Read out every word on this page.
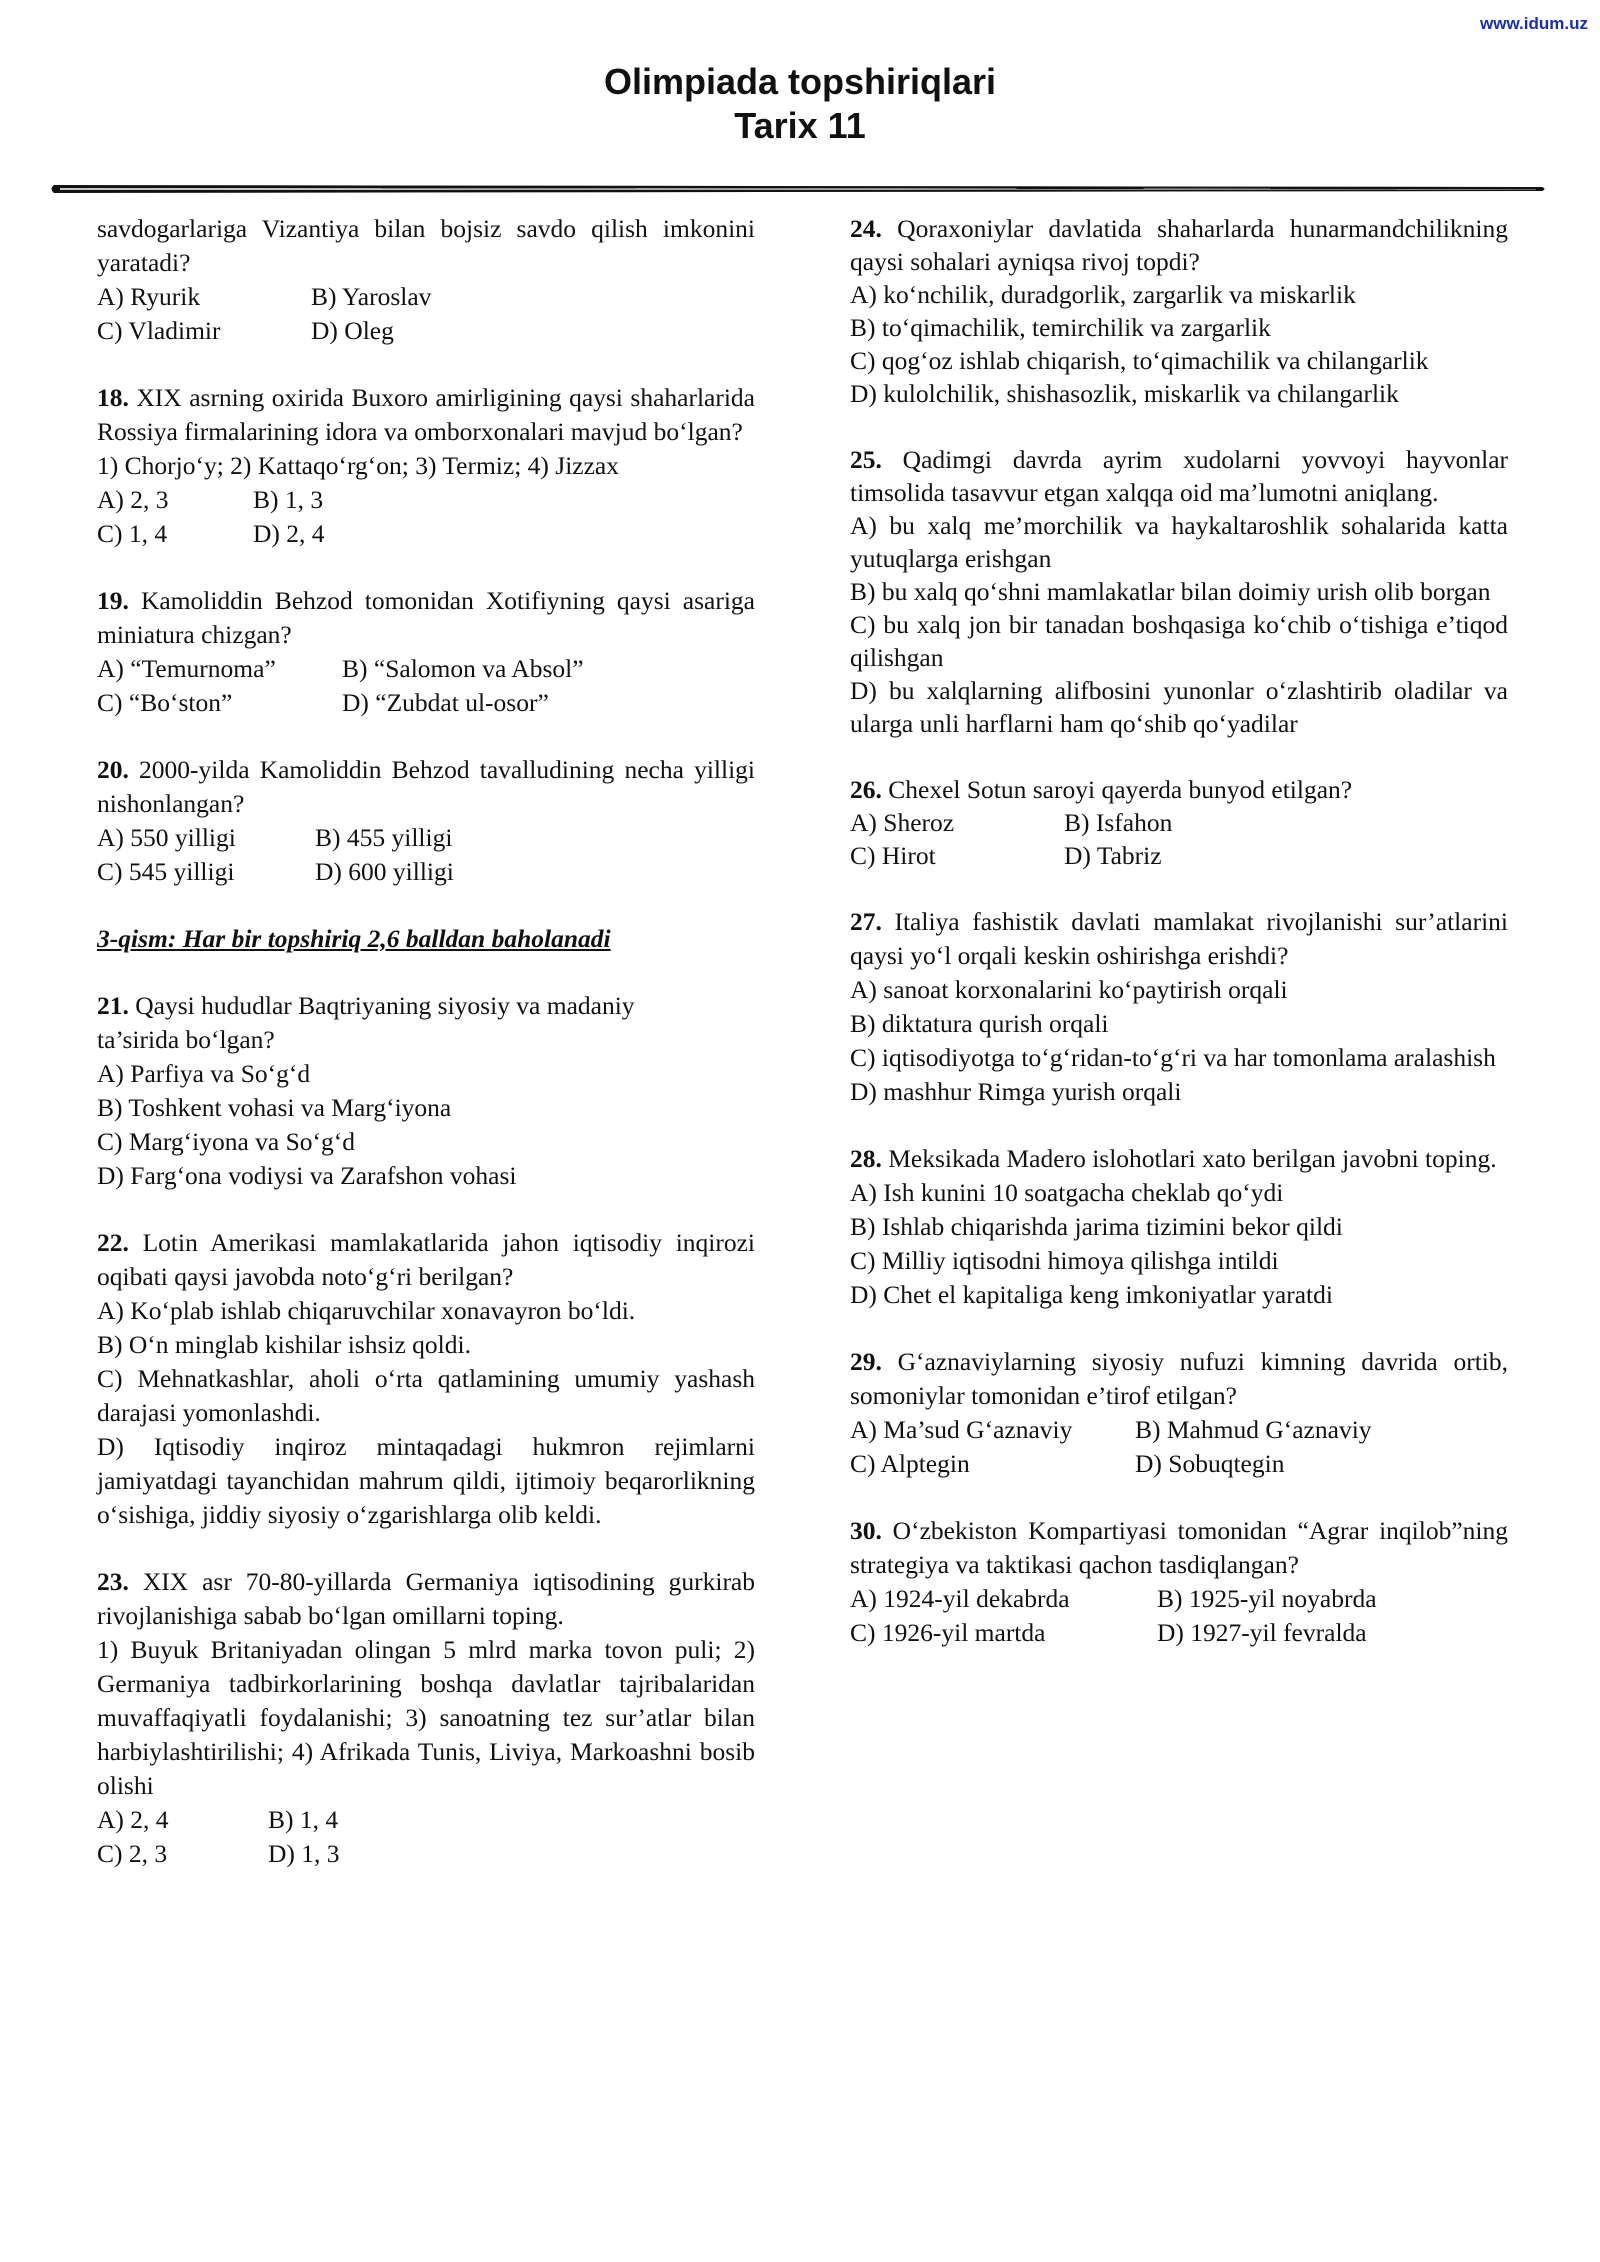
www.idum.uz
Olimpiada topshiriqlari
Tarix 11
savdogarlariga Vizantiya bilan bojsiz savdo qilish imkonini yaratadi?
A) Ryurik	B) Yaroslav
C) Vladimir	D) Oleg
18. XIX asrning oxirida Buxoro amirligining qaysi shaharlarida Rossiya firmalarining idora va omborxonalari mavjud bo‘lgan?
1) Chorjo‘y; 2) Kattaqo‘rg‘on; 3) Termiz; 4) Jizzax
A) 2, 3	B) 1, 3
C) 1, 4	D) 2, 4
19. Kamoliddin Behzod tomonidan Xotifiyning qaysi asariga miniatura chizgan?
A) “Temurnoma”	B) “Salomon va Absol”
C) “Bo‘ston”	D) “Zubdat ul-osor”
20. 2000-yilda Kamoliddin Behzod tavalludining necha yilligi nishonlangan?
A) 550 yilligi	B) 455 yilligi
C) 545 yilligi	D) 600 yilligi
3-qism: Har bir topshiriq 2,6 balldan baholanadi
21. Qaysi hududlar Baqtriyaning siyosiy va madaniy
ta’sirida bo‘lgan?
A) Parfiya va So‘g‘d
B) Toshkent vohasi va Marg‘iyona
C) Marg‘iyona va So‘g‘d
D) Farg‘ona vodiysi va Zarafshon vohasi
22. Lotin Amerikasi mamlakatlarida jahon iqtisodiy inqirozi oqibati qaysi javobda noto‘g‘ri berilgan?
A) Ko‘plab ishlab chiqaruvchilar xonavayron bo‘ldi.
B) O‘n minglab kishilar ishsiz qoldi.
C) Mehnatkashlar, aholi o‘rta qatlamining umumiy yashash darajasi yomonlashdi.
D) Iqtisodiy inqiroz mintaqadagi hukmron rejimlarni jamiyatdagi tayanchidan mahrum qildi, ijtimoiy beqarorlikning o‘sishiga, jiddiy siyosiy o‘zgarishlarga olib keldi.
23. XIX asr 70-80-yillarda Germaniya iqtisodining gurkirab rivojlanishiga sabab bo‘lgan omillarni toping.
1) Buyuk Britaniyadan olingan 5 mlrd marka tovon puli; 2) Germaniya tadbirkorlarining boshqa davlatlar tajribalaridan muvaffaqiyatli foydalanishi; 3) sanoatning tez sur’atlar bilan harbiylashtirilishi; 4) Afrikada Tunis, Liviya, Markoashni bosib olishi
A) 2, 4	B) 1, 4
C) 2, 3	D) 1, 3
24. Qoraxoniylar davlatida shaharlarda hunarmandchilikning qaysi sohalari ayniqsa rivoj topdi?
A) ko‘nchilik, duradgorlik, zargarlik va miskarlik
B) to‘qimachilik, temirchilik va zargarlik
C) qog‘oz ishlab chiqarish, to‘qimachilik va chilangarlik
D) kulolchilik, shishasozlik, miskarlik va chilangarlik
25. Qadimgi davrda ayrim xudolarni yovvoyi hayvonlar timsolida tasavvur etgan xalqqa oid ma’lumotni aniqlang.
A) bu xalq me’morchilik va haykaltaroshlik sohalarida katta yutuqlarga erishgan
B) bu xalq qo‘shni mamlakatlar bilan doimiy urish olib borgan
C) bu xalq jon bir tanadan boshqasiga ko‘chib o‘tishiga e’tiqod qilishgan
D) bu xalqlarning alifbosini yunonlar o‘zlashtirib oladilar va ularga unli harflarni ham qo‘shib qo‘yadilar
26. Chexel Sotun saroyi qayerda bunyod etilgan?
A) Sheroz	B) Isfahon
C) Hirot	D) Tabriz
27. Italiya fashistik davlati mamlakat rivojlanishi sur’atlarini qaysi yo‘l orqali keskin oshirishga erishdi?
A) sanoat korxonalarini ko‘paytirish orqali
B) diktatura qurish orqali
C) iqtisodiyotga to‘g‘ridan-to‘g‘ri va har tomonlama aralashish
D) mashhur Rimga yurish orqali
28. Meksikada Madero islohotlari xato berilgan javobni toping.
A) Ish kunini 10 soatgacha cheklab qo‘ydi
B) Ishlab chiqarishda jarima tizimini bekor qildi
C) Milliy iqtisodni himoya qilishga intildi
D) Chet el kapitaliga keng imkoniyatlar yaratdi
29. G‘aznaviylarning siyosiy nufuzi kimning davrida ortib, somoniylar tomonidan e’tirof etilgan?
A) Ma’sud G‘aznaviy	B) Mahmud G‘aznaviy
C) Alptegin	D) Sobuqtegin
30. O‘zbekiston Kompartiyasi tomonidan “Agrar inqilob”ning strategiya va taktikasi qachon tasdiqlangan?
A) 1924-yil dekabrda	B) 1925-yil noyabrda
C) 1926-yil martda	D) 1927-yil fevralda
